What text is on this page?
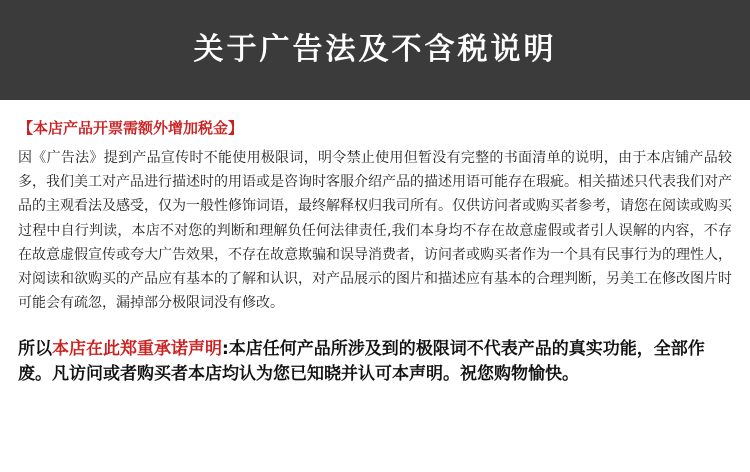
关于广告法及不含税说明

【本店产品开票需额外增加税金】

因《广告法》提到产品宣传时不能使用极限词，明令禁止使用但暂没有完整的书面清单的说明，由于本店铺产品较多，我们美工对产品进行描述时的用语或是咨询时客服介绍产品的描述用语可能存在瑕疵。相关描述只代表我们对产品的主观看法及感受，仅为一般性修饰词语，最终解释权归我司所有。仅供访问者或购买者参考，请您在阅读或购买过程中自行判读，本店不对您的判断和理解负任何法律责任,我们本身均不存在故意虚假或者引人误解的内容，不存在故意虚假宣传或夸大广告效果，不存在故意欺骗和误导消费者，访问者或购买者作为一个具有民事行为的理性人，对阅读和欲购买的产品应有基本的了解和认识，对产品展示的图片和描述应有基本的合理判断，另美工在修改图片时可能会有疏忽，漏掉部分极限词没有修改。

所以本店在此郑重承诺声明:本店任何产品所涉及到的极限词不代表产品的真实功能，全部作废。凡访问或者购买者本店均认为您已知晓并认可本声明。祝您购物愉快。
